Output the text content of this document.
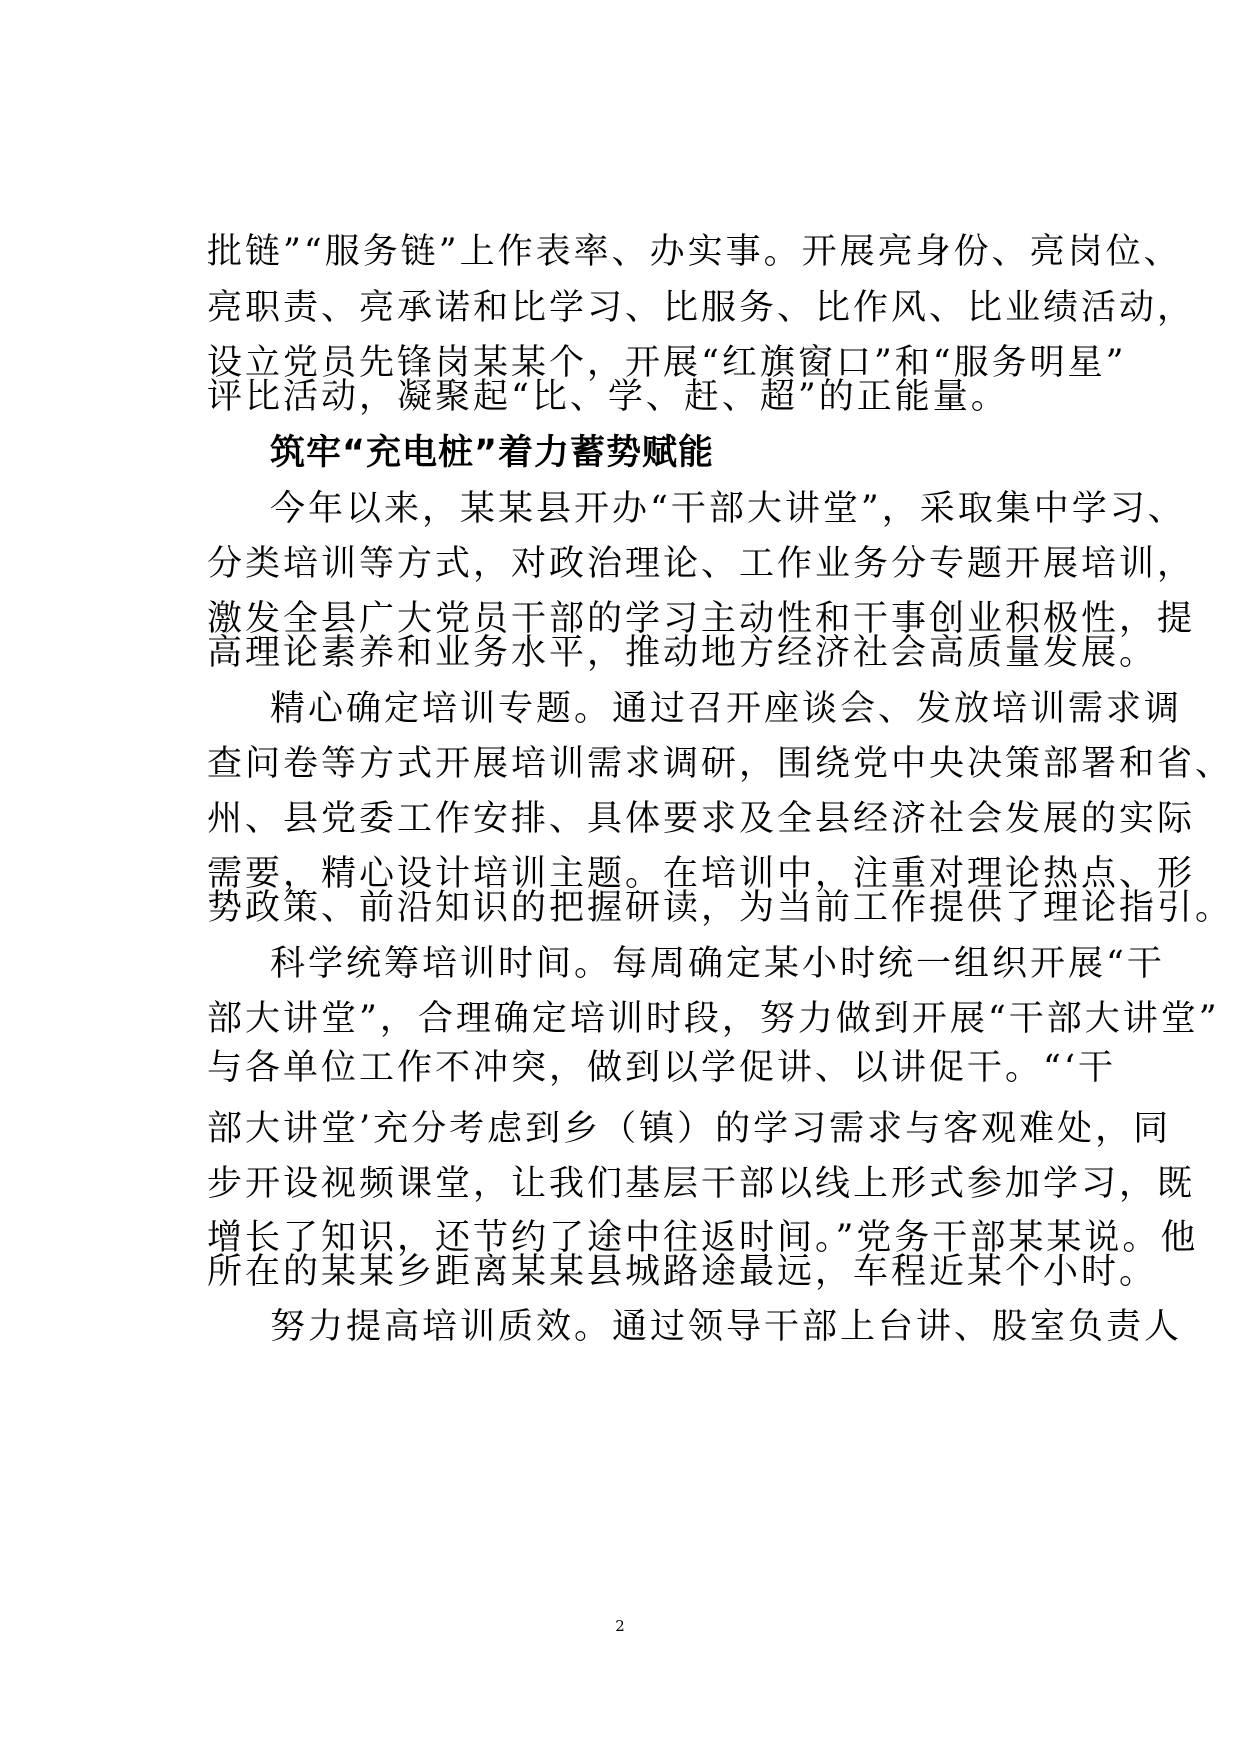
批链”“服务链”上作表率、办实事。开展亮身份、亮岗位、
亮职责、亮承诺和比学习、比服务、比作风、比业绩活动，
设立党员先锋岗某某个，开展“红旗窗口”和“服务明星”
评比活动，凝聚起“比、学、赶、超”的正能量。
筑牢“充电桩”着力蓄势赋能
今年以来，某某县开办“干部大讲堂”，采取集中学习、
分类培训等方式，对政治理论、工作业务分专题开展培训，
激发全县广大党员干部的学习主动性和干事创业积极性，提
高理论素养和业务水平，推动地方经济社会高质量发展。
精心确定培训专题。通过召开座谈会、发放培训需求调
查问卷等方式开展培训需求调研，围绕党中央决策部署和省、
州、县党委工作安排、具体要求及全县经济社会发展的实际
需要，精心设计培训主题。在培训中，注重对理论热点、形
势政策、前沿知识的把握研读，为当前工作提供了理论指引。
科学统筹培训时间。每周确定某小时统一组织开展“干
部大讲堂”，合理确定培训时段，努力做到开展“干部大讲堂”
与各单位工作不冲突，做到以学促讲、以讲促干。“‘干
部大讲堂’充分考虑到乡（镇）的学习需求与客观难处，同
步开设视频课堂，让我们基层干部以线上形式参加学习，既
增长了知识，还节约了途中往返时间。”党务干部某某说。他
所在的某某乡距离某某县城路途最远，车程近某个小时。
努力提高培训质效。通过领导干部上台讲、股室负责人
2
